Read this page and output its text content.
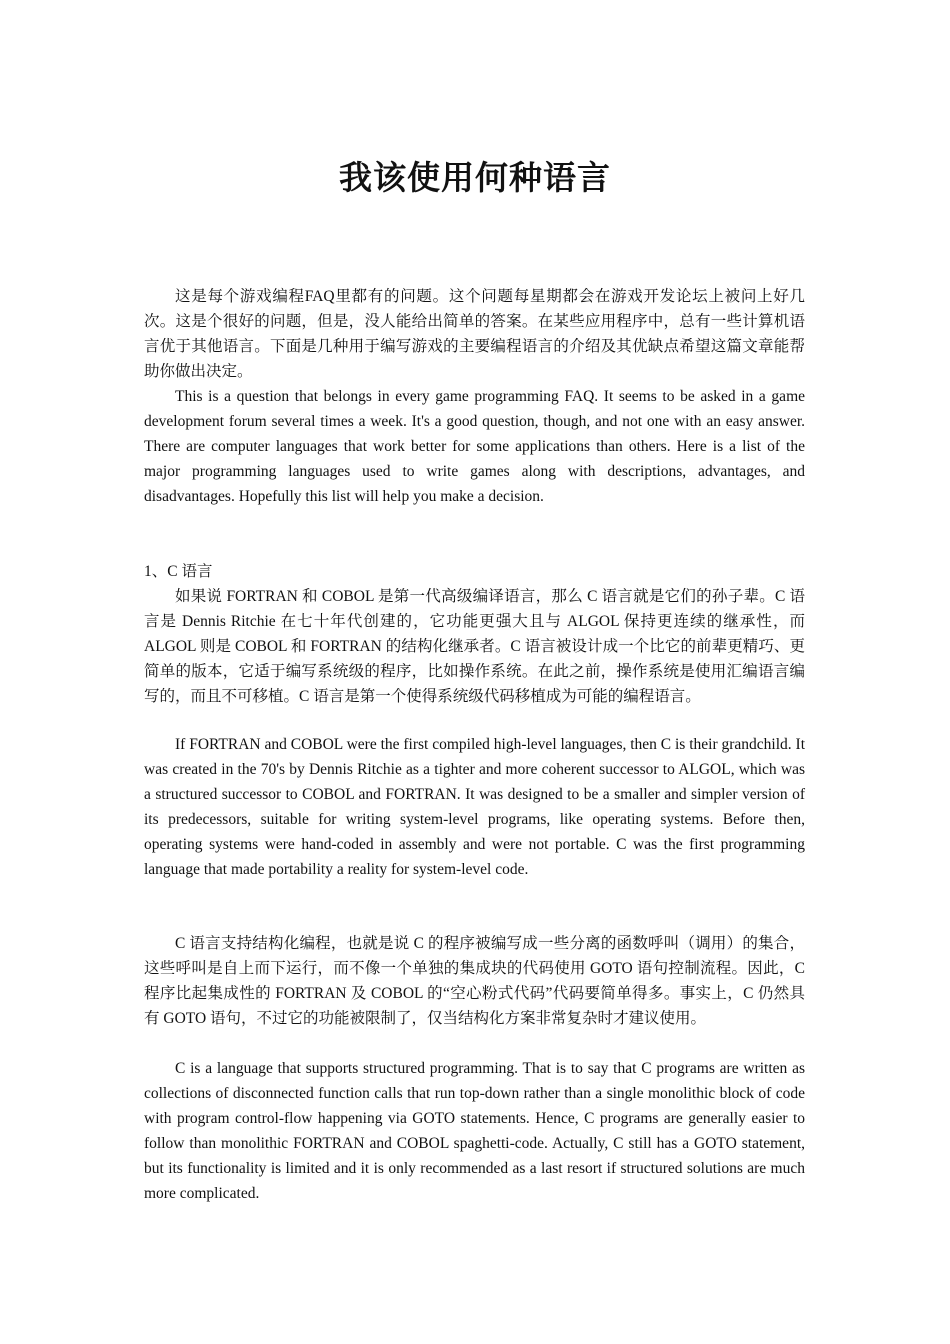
我该使用何种语言

这是每个游戏编程FAQ里都有的问题。这个问题每星期都会在游戏开发论坛上被问上好几次。这是个很好的问题，但是，没人能给出简单的答案。在某些应用程序中，总有一些计算机语言优于其他语言。下面是几种用于编写游戏的主要编程语言的介绍及其优缺点希望这篇文章能帮助你做出决定。

This is a question that belongs in every game programming FAQ. It seems to be asked in a game development forum several times a week. It's a good question, though, and not one with an easy answer. There are computer languages that work better for some applications than others. Here is a list of the major programming languages used to write games along with descriptions, advantages, and disadvantages. Hopefully this list will help you make a decision.

1、C 语言

如果说 FORTRAN 和 COBOL 是第一代高级编译语言，那么 C 语言就是它们的孙子辈。C 语言是 Dennis Ritchie 在七十年代创建的，它功能更强大且与 ALGOL 保持更连续的继承性，而 ALGOL 则是 COBOL 和 FORTRAN 的结构化继承者。C 语言被设计成一个比它的前辈更精巧、更简单的版本，它适于编写系统级的程序，比如操作系统。在此之前，操作系统是使用汇编语言编写的，而且不可移植。C 语言是第一个使得系统级代码移植成为可能的编程语言。

If FORTRAN and COBOL were the first compiled high-level languages, then C is their grandchild. It was created in the 70's by Dennis Ritchie as a tighter and more coherent successor to ALGOL, which was a structured successor to COBOL and FORTRAN. It was designed to be a smaller and simpler version of its predecessors, suitable for writing system-level programs, like operating systems. Before then, operating systems were hand-coded in assembly and were not portable. C was the first programming language that made portability a reality for system-level code.

C 语言支持结构化编程，也就是说 C 的程序被编写成一些分离的函数呼叫（调用）的集合，这些呼叫是自上而下运行，而不像一个单独的集成块的代码使用 GOTO 语句控制流程。因此，C 程序比起集成性的 FORTRAN 及 COBOL 的“空心粉式代码”代码要简单得多。事实上，C 仍然具有 GOTO 语句，不过它的功能被限制了，仅当结构化方案非常复杂时才建议使用。

C is a language that supports structured programming. That is to say that C programs are written as collections of disconnected function calls that run top-down rather than a single monolithic block of code with program control-flow happening via GOTO statements. Hence, C programs are generally easier to follow than monolithic FORTRAN and COBOL spaghetti-code. Actually, C still has a GOTO statement, but its functionality is limited and it is only recommended as a last resort if structured solutions are much more complicated.
